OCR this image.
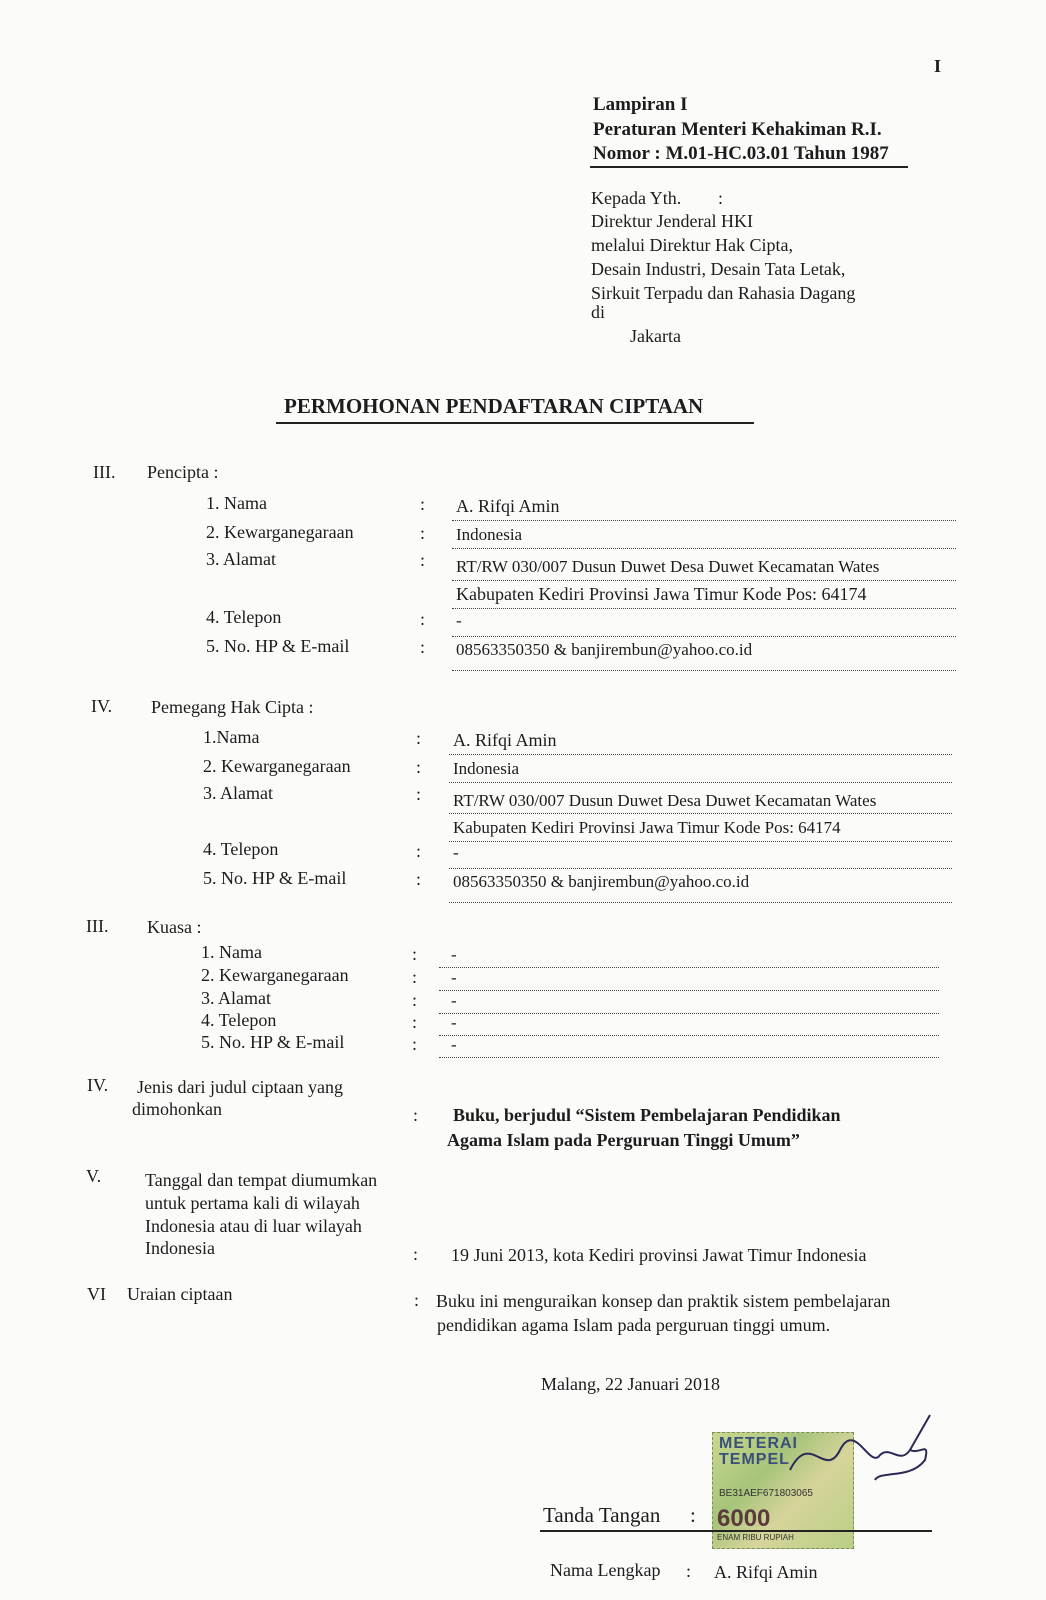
I
Lampiran I
Peraturan Menteri Kehakiman R.I.
Nomor : M.01-HC.03.01 Tahun 1987
Kepada Yth. :
Direktur Jenderal HKI
melalui Direktur Hak Cipta,
Desain Industri, Desain Tata Letak,
Sirkuit Terpadu dan Rahasia Dagang
di
Jakarta
PERMOHONAN PENDAFTARAN CIPTAAN
III. Pencipta :
1. Nama	: A. Rifqi Amin
2. Kewarganegaraan	: Indonesia
3. Alamat	: RT/RW 030/007 Dusun Duwet Desa Duwet Kecamatan Wates
Kabupaten Kediri Provinsi Jawa Timur Kode Pos: 64174
4. Telepon	: -
5. No. HP & E-mail	: 08563350350 & banjirembun@yahoo.co.id
IV. Pemegang Hak Cipta :
1.Nama	: A. Rifqi Amin
2. Kewarganegaraan	: Indonesia
3. Alamat	: RT/RW 030/007 Dusun Duwet Desa Duwet Kecamatan Wates
Kabupaten Kediri Provinsi Jawa Timur Kode Pos: 64174
4. Telepon	: -
5. No. HP & E-mail	: 08563350350 & banjirembun@yahoo.co.id
III. Kuasa :
1. Nama	: -
2. Kewarganegaraan	: -
3. Alamat	: -
4. Telepon	: -
5. No. HP & E-mail	: -
IV. Jenis dari judul ciptaan yang
dimohonkan	: Buku, berjudul “Sistem Pembelajaran Pendidikan
Agama Islam pada Perguruan Tinggi Umum”
V. Tanggal dan tempat diumumkan
untuk pertama kali di wilayah
Indonesia atau di luar wilayah
Indonesia	: 19 Juni 2013, kota Kediri provinsi Jawat Timur Indonesia
VI Uraian ciptaan	: Buku ini menguraikan konsep dan praktik sistem pembelajaran
pendidikan agama Islam pada perguruan tinggi umum.
Malang, 22 Januari 2018
METERAI
TEMPEL
BE31AEF671803065
6000
ENAM RIBU RUPIAH
Tanda Tangan :
Nama Lengkap : A. Rifqi Amin
